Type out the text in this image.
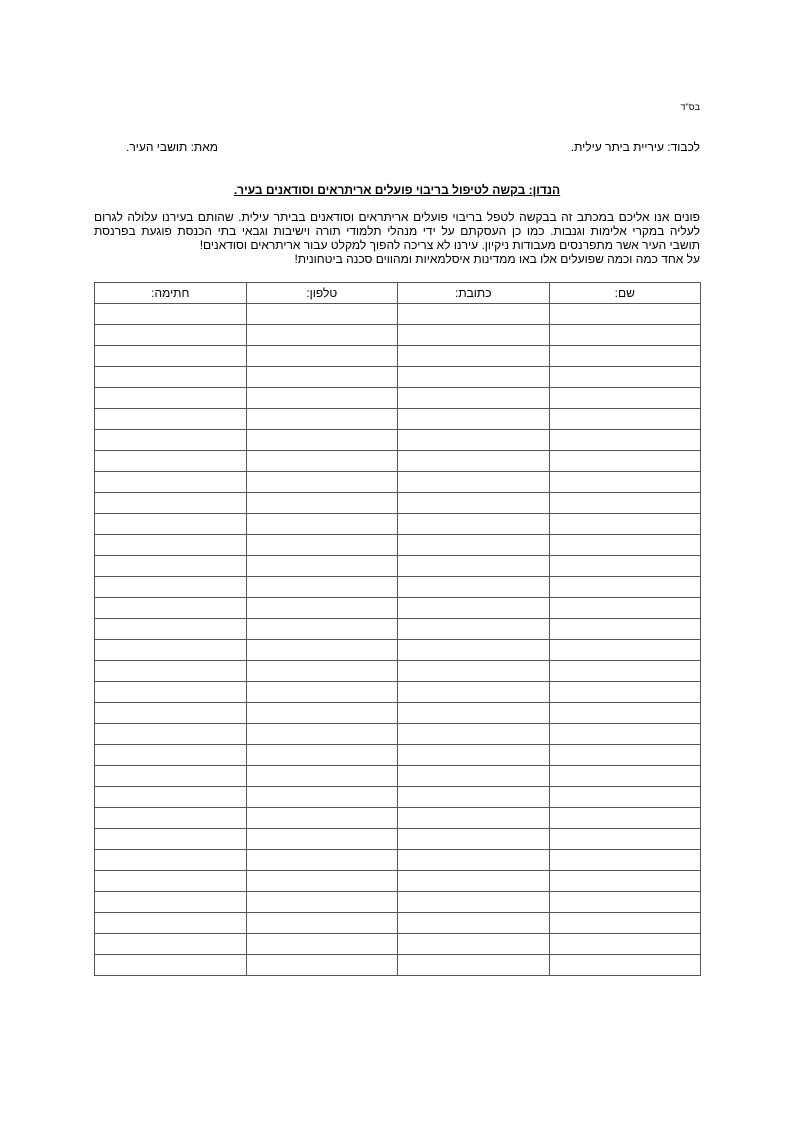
בס"ד
לכבוד: עיריית ביתר עילית.
מאת: תושבי העיר.
הנדון: בקשה לטיפול בריבוי פועלים אריתראים וסודאנים בעיר.
פונים אנו אליכם במכתב זה בבקשה לטפל בריבוי פועלים אריתראים וסודאנים בביתר עילית. שהותם בעירנו עלולה לגרום
לעליה במקרי אלימות וגנבות. כמו כן העסקתם על ידי מנהלי תלמודי תורה וישיבות וגבאי בתי הכנסת פוגעת בפרנסת
תושבי העיר אשר מתפרנסים מעבודות ניקיון. עירנו לא צריכה להפוך למקלט עבור אריתראים וסודאנים!
על אחד כמה וכמה שפועלים אלו באו ממדינות איסלמאיות ומהווים סכנה ביטחונית!
שם:	כתובת:	טלפון:	חתימה:
